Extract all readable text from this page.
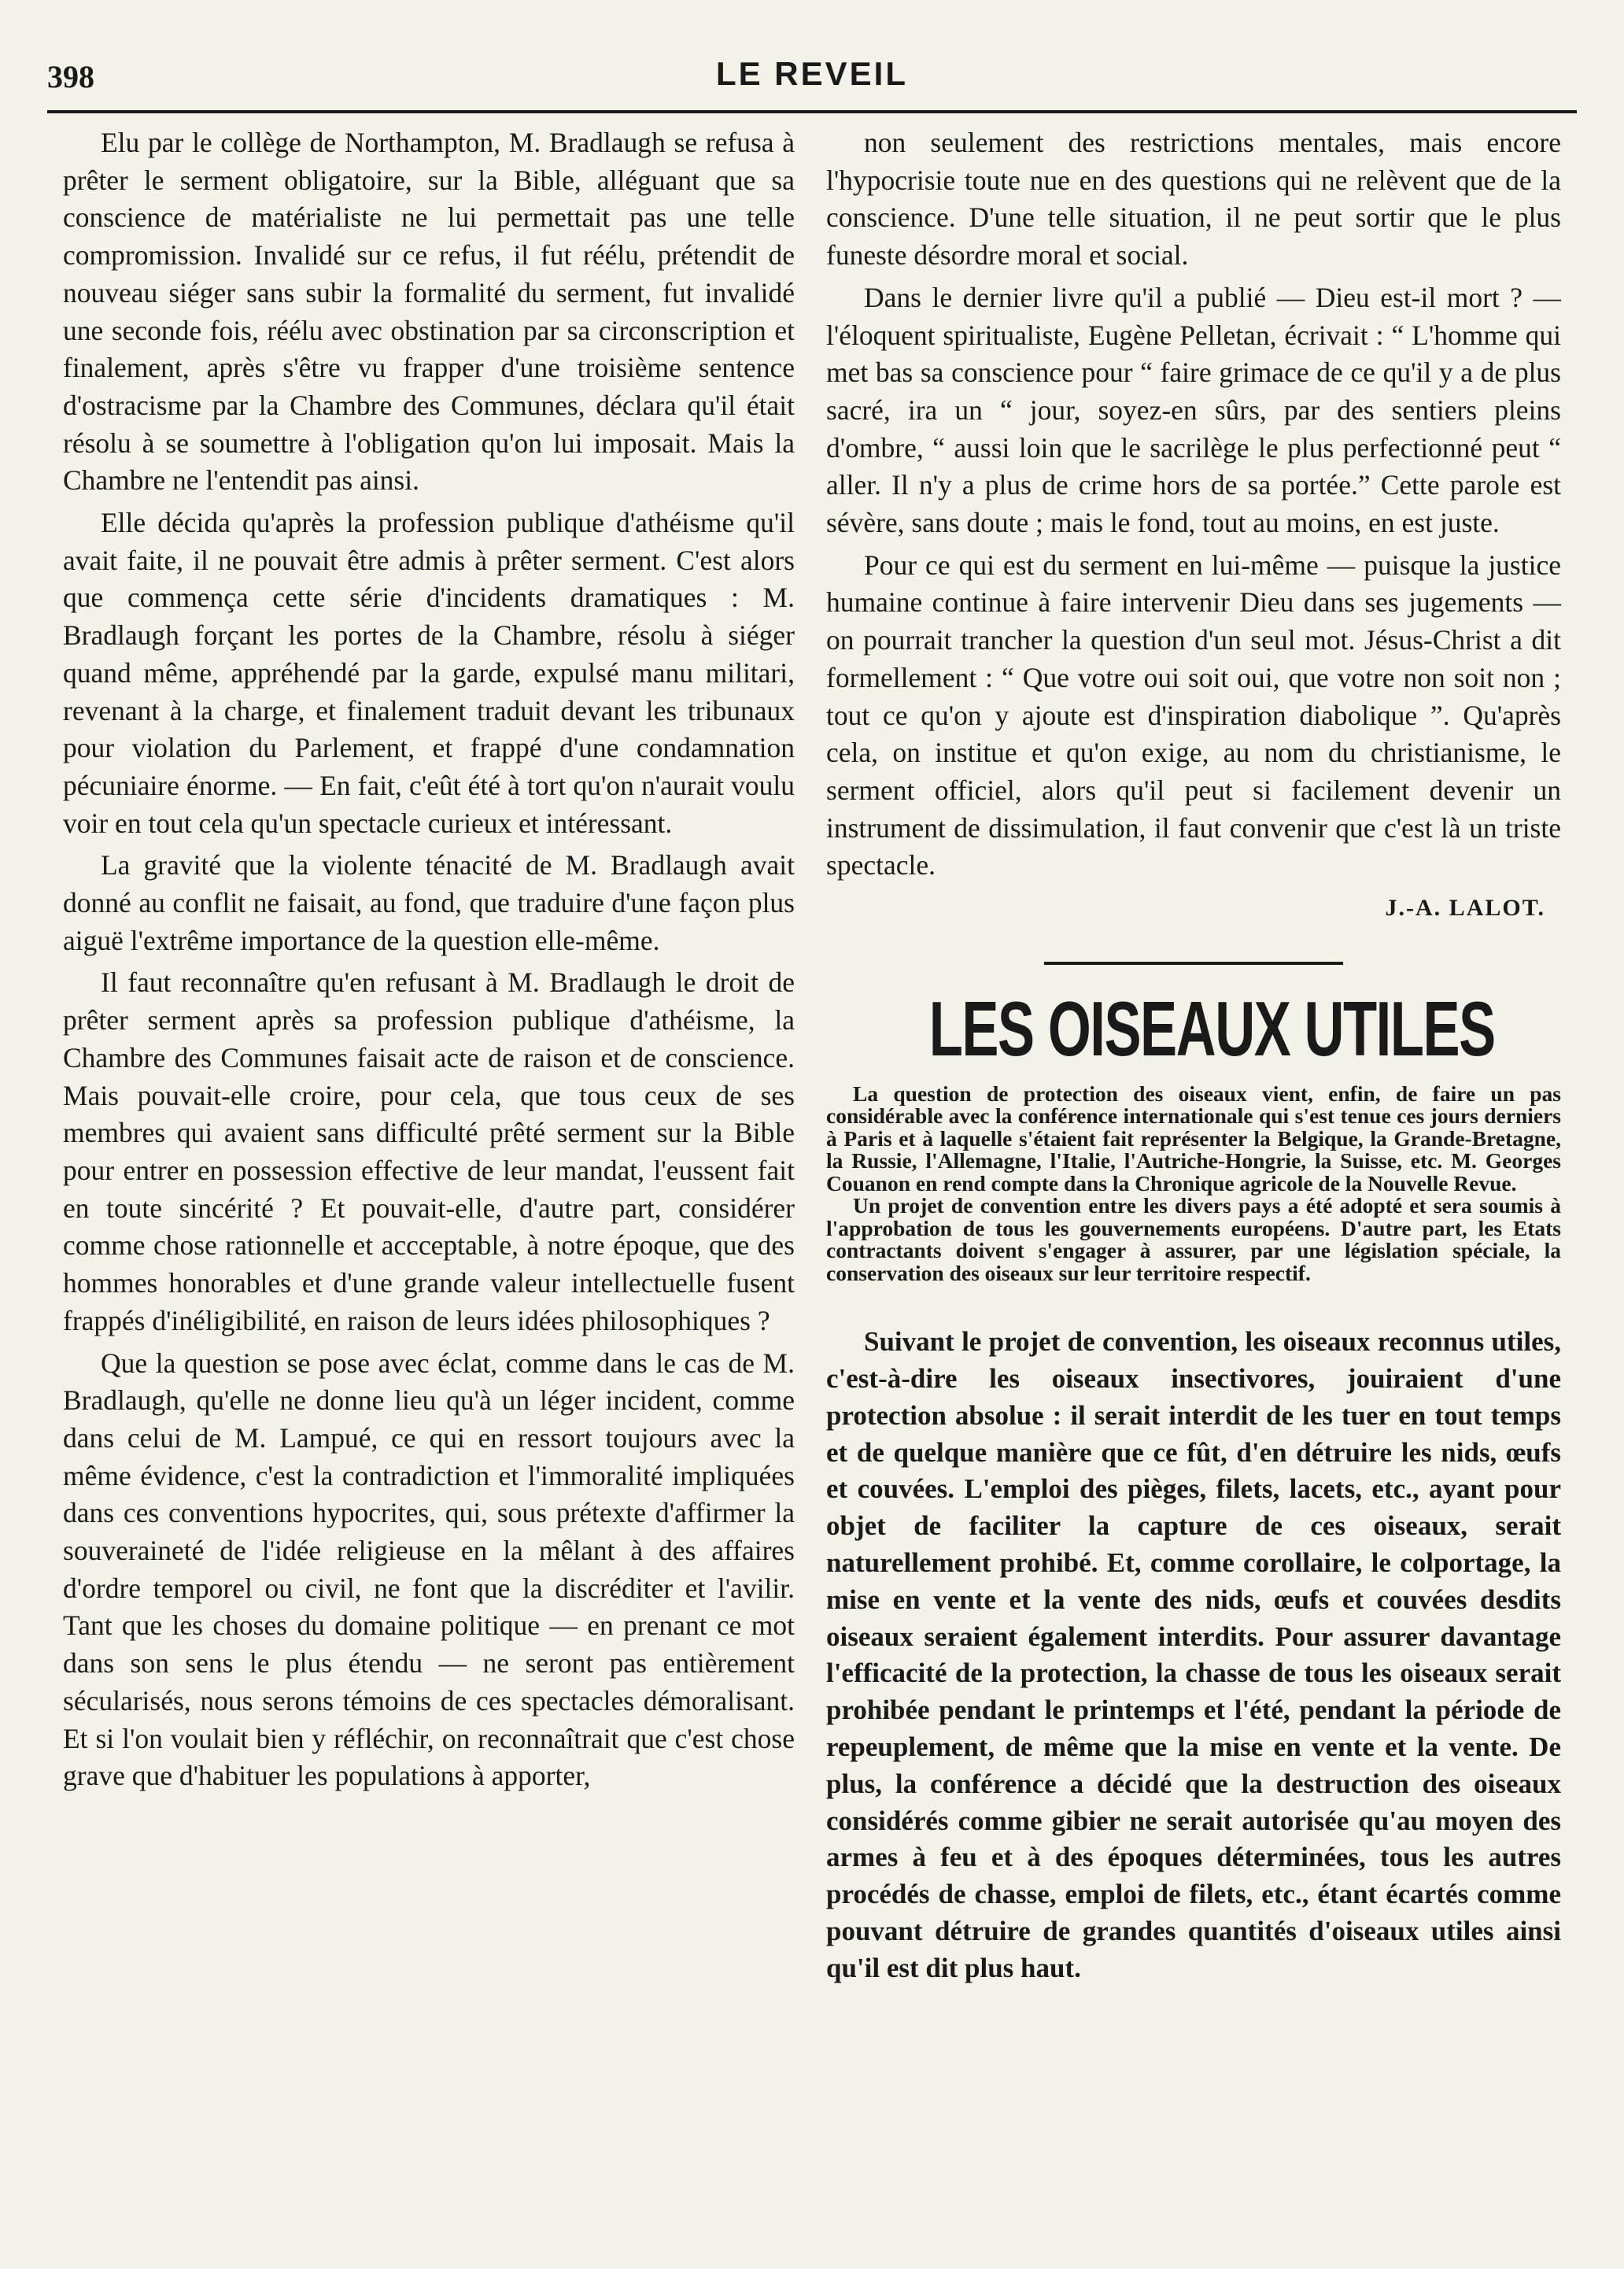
398	LE REVEIL

Elu par le collège de Northampton, M. Bradlaugh se refusa à prêter le serment obligatoire, sur la Bible, alléguant que sa conscience de matérialiste ne lui permettait pas une telle compromission. Invalidé sur ce refus, il fut réélu, prétendit de nouveau siéger sans subir la formalité du serment, fut invalidé une seconde fois, réélu avec obstination par sa circonscription et finalement, après s'être vu frapper d'une troisième sentence d'ostracisme par la Chambre des Communes, déclara qu'il était résolu à se soumettre à l'obligation qu'on lui imposait. Mais la Chambre ne l'entendit pas ainsi.

Elle décida qu'après la profession publique d'athéisme qu'il avait faite, il ne pouvait être admis à prêter serment. C'est alors que commença cette série d'incidents dramatiques : M. Bradlaugh forçant les portes de la Chambre, résolu à siéger quand même, appréhendé par la garde, expulsé manu militari, revenant à la charge, et finalement traduit devant les tribunaux pour violation du Parlement, et frappé d'une condamnation pécuniaire énorme. — En fait, c'eût été à tort qu'on n'aurait voulu voir en tout cela qu'un spectacle curieux et intéressant.

La gravité que la violente ténacité de M. Bradlaugh avait donné au conflit ne faisait, au fond, que traduire d'une façon plus aiguë l'extrême importance de la question elle-même.

Il faut reconnaître qu'en refusant à M. Bradlaugh le droit de prêter serment après sa profession publique d'athéisme, la Chambre des Communes faisait acte de raison et de conscience. Mais pouvait-elle croire, pour cela, que tous ceux de ses membres qui avaient sans difficulté prêté serment sur la Bible pour entrer en possession effective de leur mandat, l'eussent fait en toute sincérité ? Et pouvait-elle, d'autre part, considérer comme chose rationnelle et accceptable, à notre époque, que des hommes honorables et d'une grande valeur intellectuelle fusent frappés d'inéligibilité, en raison de leurs idées philosophiques ?

Que la question se pose avec éclat, comme dans le cas de M. Bradlaugh, qu'elle ne donne lieu qu'à un léger incident, comme dans celui de M. Lampué, ce qui en ressort toujours avec la même évidence, c'est la contradiction et l'immoralité impliquées dans ces conventions hypocrites, qui, sous prétexte d'affirmer la souveraineté de l'idée religieuse en la mêlant à des affaires d'ordre temporel ou civil, ne font que la discréditer et l'avilir. Tant que les choses du domaine politique — en prenant ce mot dans son sens le plus étendu — ne seront pas entièrement sécularisés, nous serons témoins de ces spectacles démoralisant. Et si l'on voulait bien y réfléchir, on reconnaîtrait que c'est chose grave que d'habituer les populations à apporter,

non seulement des restrictions mentales, mais encore l'hypocrisie toute nue en des questions qui ne relèvent que de la conscience. D'une telle situation, il ne peut sortir que le plus funeste désordre moral et social.

Dans le dernier livre qu'il a publié — Dieu est-il mort ? — l'éloquent spiritualiste, Eugène Pelletan, écrivait : “ L'homme qui met bas sa conscience pour “ faire grimace de ce qu'il y a de plus sacré, ira un “ jour, soyez-en sûrs, par des sentiers pleins d'ombre, “ aussi loin que le sacrilège le plus perfectionné peut “ aller. Il n'y a plus de crime hors de sa portée.” Cette parole est sévère, sans doute ; mais le fond, tout au moins, en est juste.

Pour ce qui est du serment en lui-même — puisque la justice humaine continue à faire intervenir Dieu dans ses jugements — on pourrait trancher la question d'un seul mot. Jésus-Christ a dit formellement : “ Que votre oui soit oui, que votre non soit non ; tout ce qu'on y ajoute est d'inspiration diabolique ”. Qu'après cela, on institue et qu'on exige, au nom du christianisme, le serment officiel, alors qu'il peut si facilement devenir un instrument de dissimulation, il faut convenir que c'est là un triste spectacle.

J.-A. LALOT.
LES OISEAUX UTILES

La question de protection des oiseaux vient, enfin, de faire un pas considérable avec la conférence internationale qui s'est tenue ces jours derniers à Paris et à laquelle s'étaient fait représenter la Belgique, la Grande-Bretagne, la Russie, l'Allemagne, l'Italie, l'Autriche-Hongrie, la Suisse, etc. M. Georges Couanon en rend compte dans la Chronique agricole de la Nouvelle Revue.

Un projet de convention entre les divers pays a été adopté et sera soumis à l'approbation de tous les gouvernements européens. D'autre part, les Etats contractants doivent s'engager à assurer, par une législation spéciale, la conservation des oiseaux sur leur territoire respectif.

Suivant le projet de convention, les oiseaux reconnus utiles, c'est-à-dire les oiseaux insectivores, jouiraient d'une protection absolue : il serait interdit de les tuer en tout temps et de quelque manière que ce fût, d'en détruire les nids, œufs et couvées. L'emploi des pièges, filets, lacets, etc., ayant pour objet de faciliter la capture de ces oiseaux, serait naturellement prohibé. Et, comme corollaire, le colportage, la mise en vente et la vente des nids, œufs et couvées desdits oiseaux seraient également interdits. Pour assurer davantage l'efficacité de la protection, la chasse de tous les oiseaux serait prohibée pendant le printemps et l'été, pendant la période de repeuplement, de même que la mise en vente et la vente. De plus, la conférence a décidé que la destruction des oiseaux considérés comme gibier ne serait autorisée qu'au moyen des armes à feu et à des époques déterminées, tous les autres procédés de chasse, emploi de filets, etc., étant écartés comme pouvant détruire de grandes quantités d'oiseaux utiles ainsi qu'il est dit plus haut.
